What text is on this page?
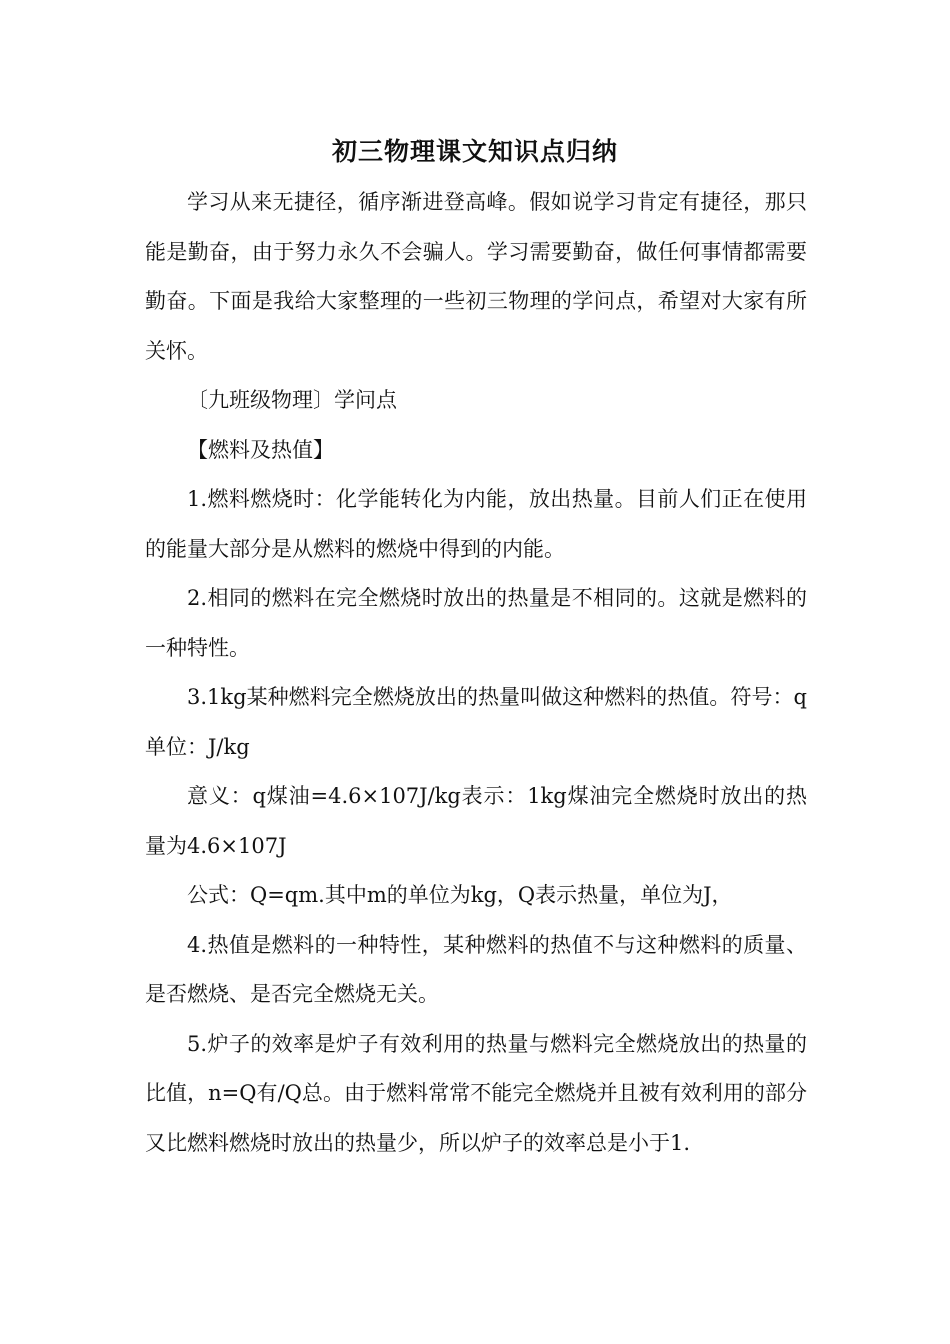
初三物理课文知识点归纳

学习从来无捷径，循序渐进登高峰。假如说学习肯定有捷径，那只能是勤奋，由于努力永久不会骗人。学习需要勤奋，做任何事情都需要勤奋。下面是我给大家整理的一些初三物理的学问点，希望对大家有所关怀。

〔九班级物理〕学问点

【燃料及热值】

1.燃料燃烧时：化学能转化为内能，放出热量。目前人们正在使用的能量大部分是从燃料的燃烧中得到的内能。

2.相同的燃料在完全燃烧时放出的热量是不相同的。这就是燃料的一种特性。

3.1kg某种燃料完全燃烧放出的热量叫做这种燃料的热值。符号：q单位：J/kg

意义：q煤油=4.6×107J/kg表示：1kg煤油完全燃烧时放出的热量为4.6×107J

公式：Q=qm.其中m的单位为kg，Q表示热量，单位为J，

4.热值是燃料的一种特性，某种燃料的热值不与这种燃料的质量、是否燃烧、是否完全燃烧无关。

5.炉子的效率是炉子有效利用的热量与燃料完全燃烧放出的热量的比值，n=Q有/Q总。由于燃料常常不能完全燃烧并且被有效利用的部分又比燃料燃烧时放出的热量少，所以炉子的效率总是小于1.
